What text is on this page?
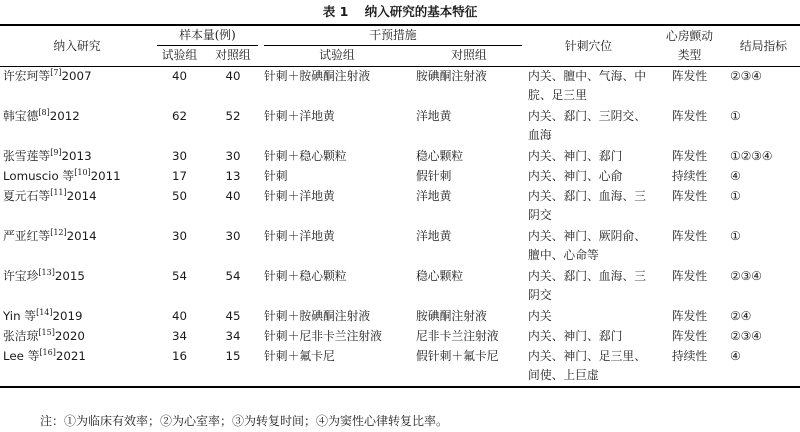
表 1 纳入研究的基本特征
纳入研究	样本量(例)		干预措施		针刺穴位	心房颤动	结局指标
	试验组	对照组	试验组	对照组		类型	
许宏珂等[7]2007	40	40	针刺＋胺碘酮注射液	胺碘酮注射液	内关、膻中、气海、中脘、足三里	阵发性	②③④
韩宝德[8]2012	62	52	针刺＋洋地黄	洋地黄	内关、郄门、三阴交、血海	阵发性	①
张雪莲等[9]2013	30	30	针刺＋稳心颗粒	稳心颗粒	内关、神门、郄门	阵发性	①②③④
Lomuscio 等[10]2011	17	13	针刺	假针刺	内关、神门、心俞	持续性	④
夏元石等[11]2014	50	40	针刺＋洋地黄	洋地黄	内关、郄门、血海、三阴交	阵发性	①
严亚红等[12]2014	30	30	针刺＋洋地黄	洋地黄	内关、神门、厥阴俞、膻中、心命等	阵发性	①
许宝珍[13]2015	54	54	针刺＋稳心颗粒	稳心颗粒	内关、郄门、血海、三阴交	阵发性	②③④
Yin 等[14]2019	40	45	针刺＋胺碘酮注射液	胺碘酮注射液	内关	阵发性	②④
张洁琼[15]2020	34	34	针刺＋尼非卡兰注射液	尼非卡兰注射液	内关、神门、郄门	阵发性	②③④
Lee 等[16]2021	16	15	针刺＋氟卡尼	假针刺＋氟卡尼	内关、神门、足三里、间使、上巨虚	持续性	④
注：①为临床有效率；②为心室率；③为转复时间；④为窦性心律转复比率。
